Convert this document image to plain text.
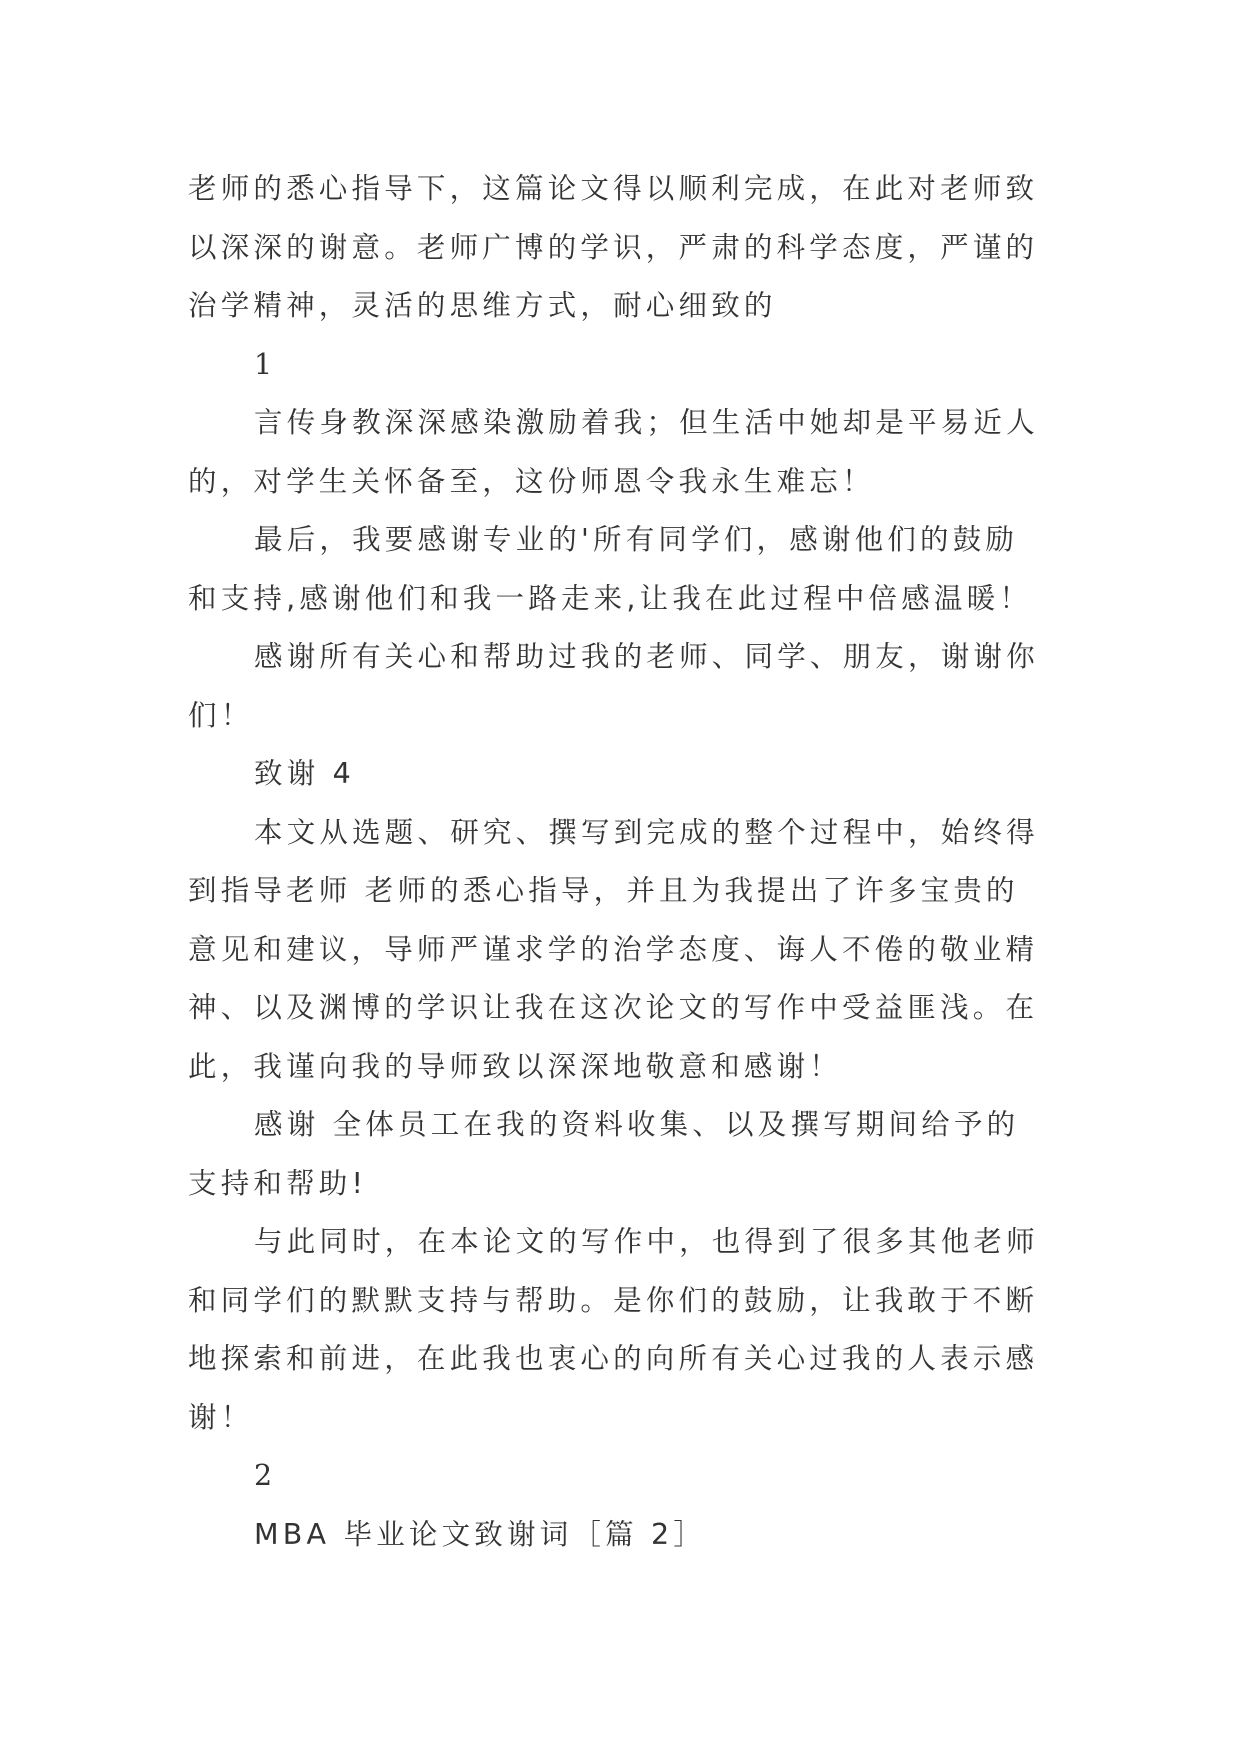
老师的悉心指导下，这篇论文得以顺利完成，在此对老师致
以深深的谢意。老师广博的学识，严肃的科学态度，严谨的
治学精神，灵活的思维方式，耐心细致的
1
言传身教深深感染激励着我；但生活中她却是平易近人
的，对学生关怀备至，这份师恩令我永生难忘！
最后，我要感谢专业的'所有同学们，感谢他们的鼓励
和支持,感谢他们和我一路走来,让我在此过程中倍感温暖！
感谢所有关心和帮助过我的老师、同学、朋友，谢谢你
们！
致谢 4
本文从选题、研究、撰写到完成的整个过程中，始终得
到指导老师 老师的悉心指导，并且为我提出了许多宝贵的
意见和建议，导师严谨求学的治学态度、诲人不倦的敬业精
神、以及渊博的学识让我在这次论文的写作中受益匪浅。在
此，我谨向我的导师致以深深地敬意和感谢！
感谢 全体员工在我的资料收集、以及撰写期间给予的
支持和帮助!
与此同时，在本论文的写作中，也得到了很多其他老师
和同学们的默默支持与帮助。是你们的鼓励，让我敢于不断
地探索和前进，在此我也衷心的向所有关心过我的人表示感
谢！
2
MBA 毕业论文致谢词［篇 2］
